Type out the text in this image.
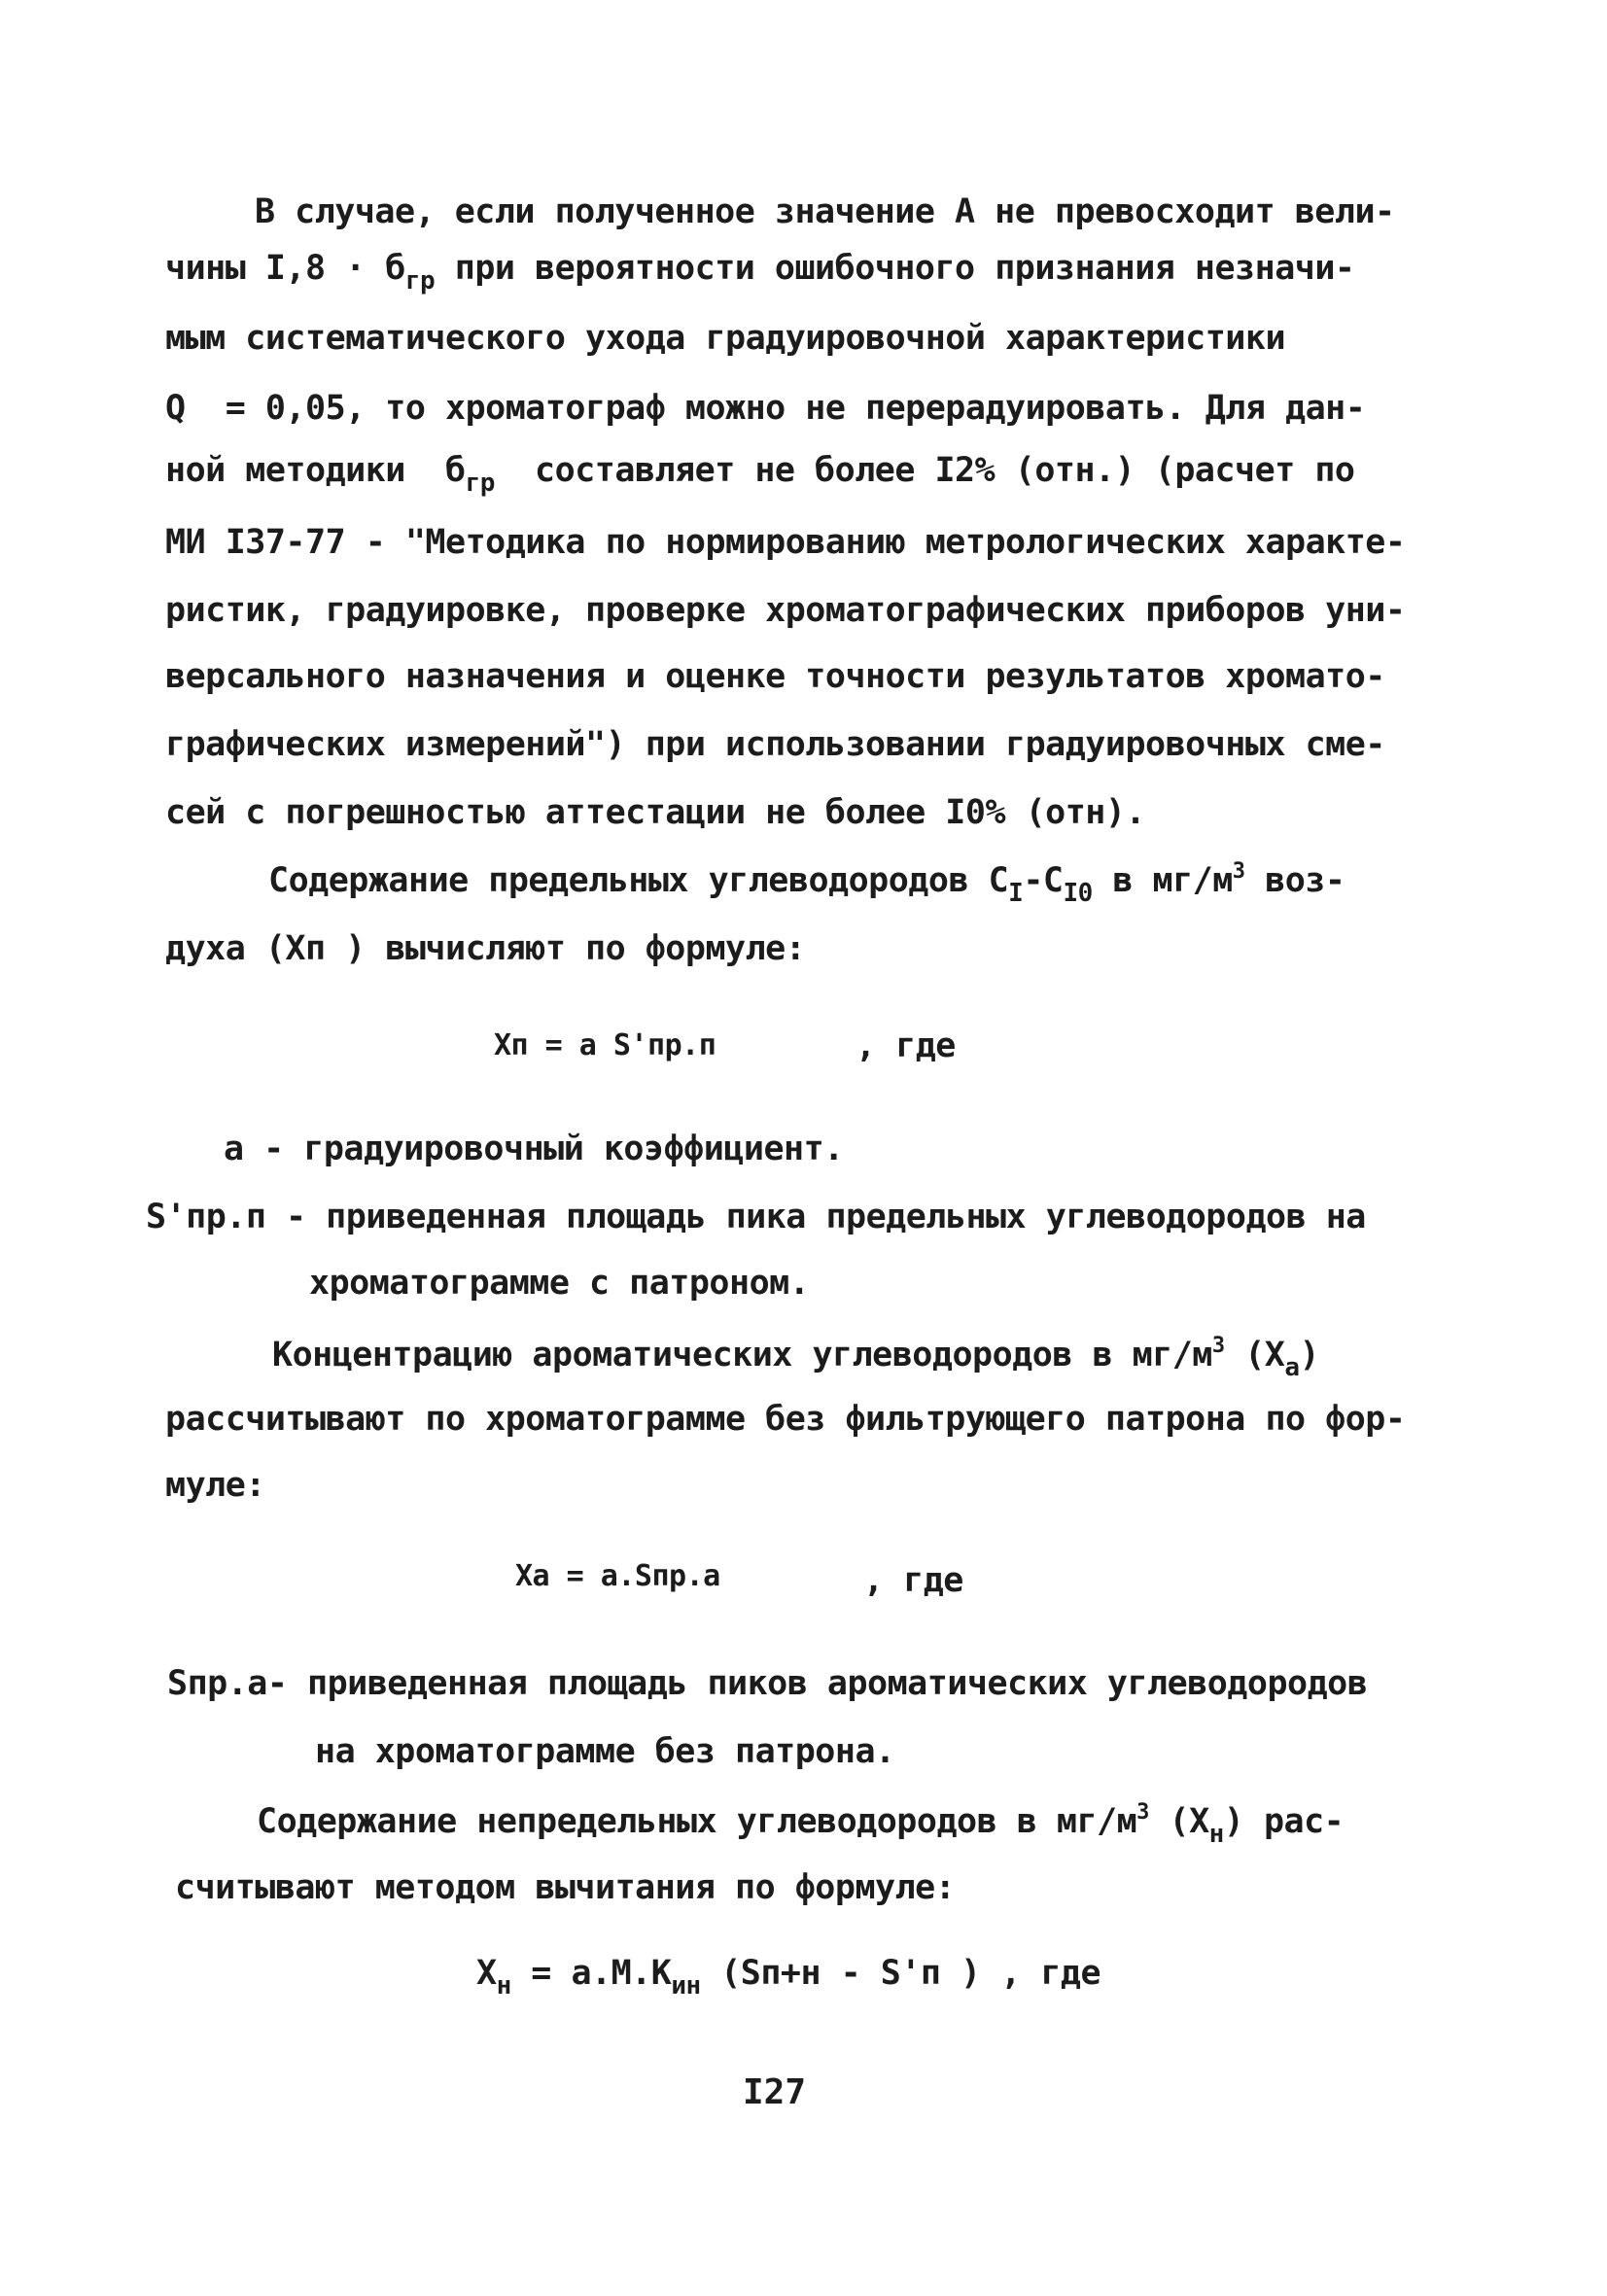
В случае, если полученное значение А не превосходит вели-
чины $I,8 \cdot б_{гр}$ при вероятности ошибочного признания незначи-
мым систематического ухода градуировочной характеристики
Q  = 0,05, то хроматограф можно не перерадуировать. Для дан-
ной методики  $б_{гр}$  составляет не более I2% (отн.) (расчет по
МИ I37-77 - "Методика по нормированию метрологических характе-
ристик, градуировке, проверке хроматографических приборов уни-
версального назначения и оценке точности результатов хромато-
графических измерений") при использовании градуировочных сме-
сей с погрешностью аттестации не более I0% (отн).
Содержание предельных углеводородов $C_I-C_{I0}$ в $мг/м^3$ воз-
духа (Xп ) вычисляют по формуле:
Xп = a S'пр.п	, где
a - градуировочный коэффициент.
S'пр.п - приведенная площадь пика предельных углеводородов на
хроматограмме с патроном.
Концентрацию ароматических углеводородов в $мг/м^3$ $(X_a)$
рассчитывают по хроматограмме без фильтрующего патрона по фор-
муле:
Xa = a.Sпр.a	, где
Sпр.a- приведенная площадь пиков ароматических углеводородов
на хроматограмме без патрона.
Содержание непредельных углеводородов в $мг/м^3$ $(X_н)$ рас-
считывают методом вычитания по формуле:
$X_н = a.M.K_{ин}$ (Sп+н - S'п ) , где
I27
